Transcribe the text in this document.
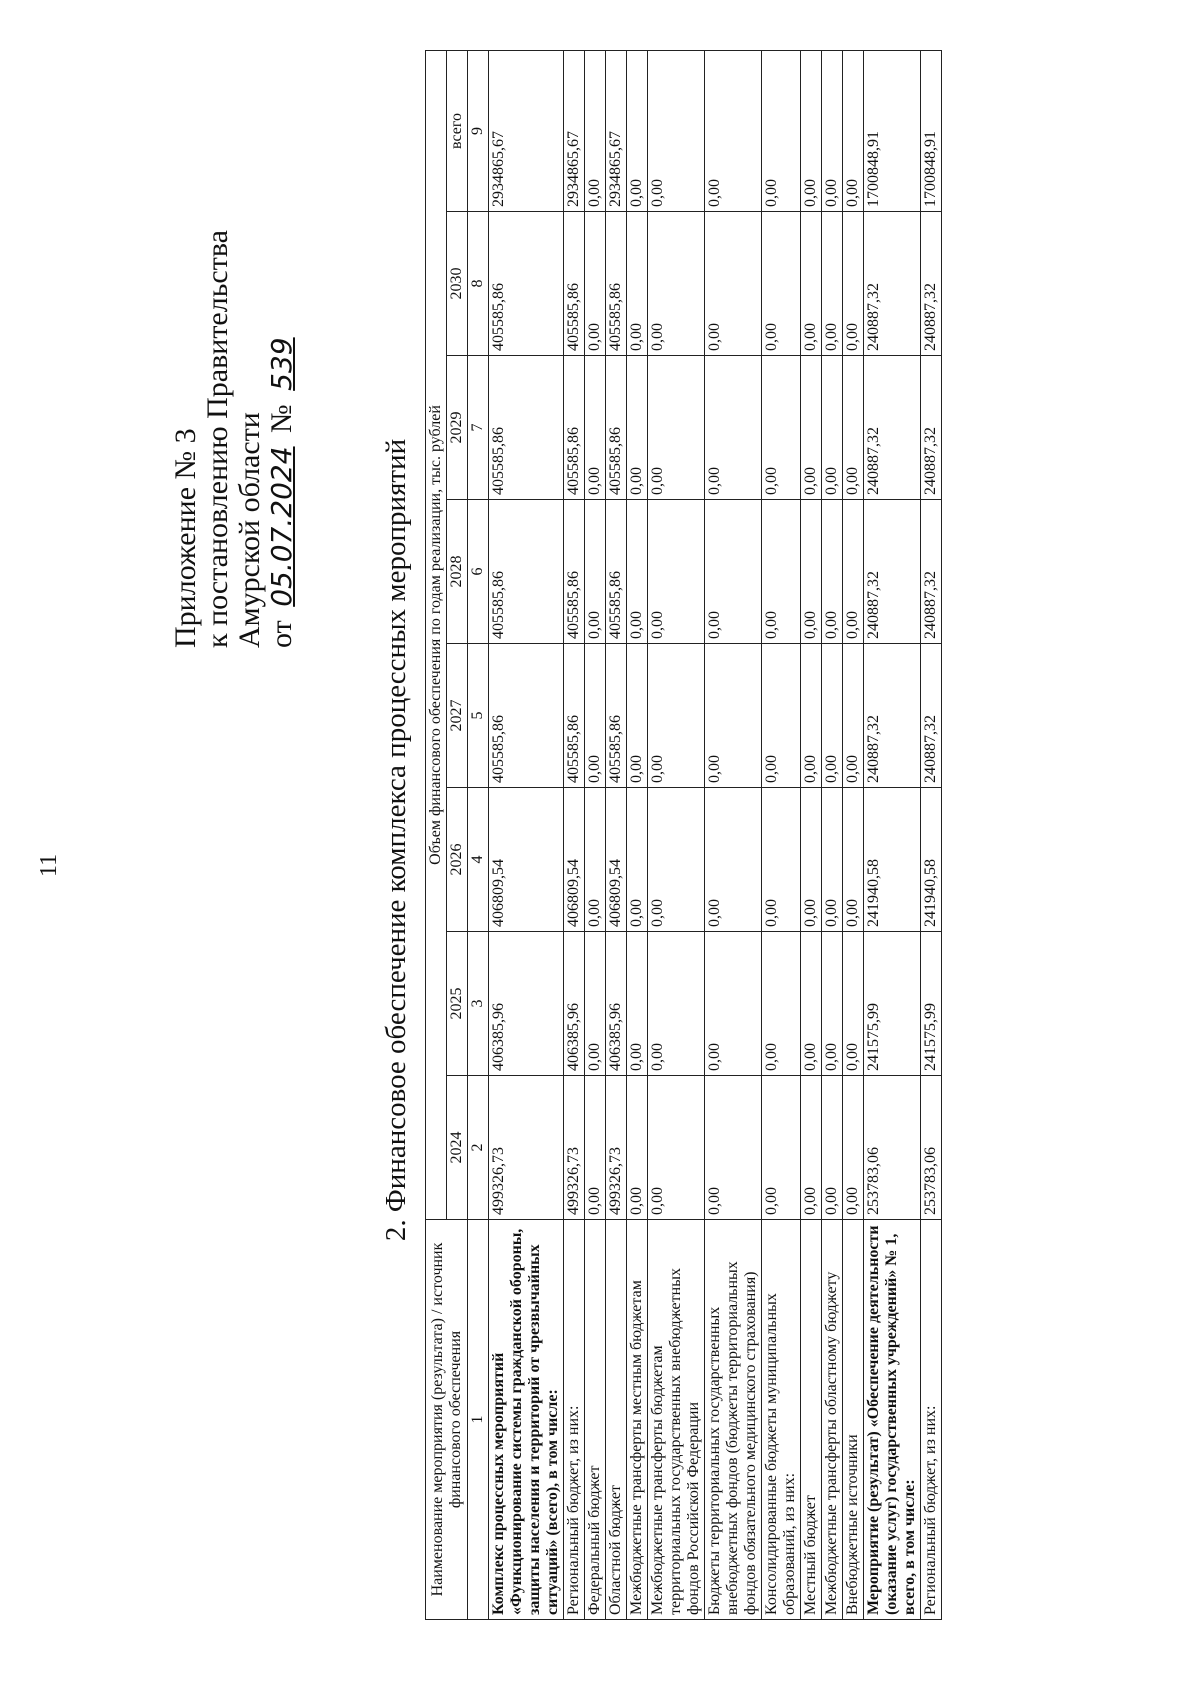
11
Приложение № 3 к постановлению Правительства Амурской области от 05.07.2024 № 539
2. Финансовое обеспечение комплекса процессных мероприятий
Наименование мероприятия (результата) / источник финансового обеспечения	Объем финансового обеспечения по годам реализации, тыс. рублей							
	2024	2025	2026	2027	2028	2029	2030	всего
1	2	3	4	5	6	7	8	9
Комплекс процессных мероприятий «Функционирование системы гражданской обороны, защиты населения и территорий от чрезвычайных ситуаций» (всего), в том числе:	499326,73	406385,96	406809,54	405585,86	405585,86	405585,86	405585,86	2934865,67
Региональный бюджет, из них:	499326,73	406385,96	406809,54	405585,86	405585,86	405585,86	405585,86	2934865,67
Федеральный бюджет	0,00	0,00	0,00	0,00	0,00	0,00	0,00	0,00
Областной бюджет	499326,73	406385,96	406809,54	405585,86	405585,86	405585,86	405585,86	2934865,67
Межбюджетные трансферты местным бюджетам	0,00	0,00	0,00	0,00	0,00	0,00	0,00	0,00
Межбюджетные трансферты бюджетам территориальных государственных внебюджетных фондов Российской Федерации	0,00	0,00	0,00	0,00	0,00	0,00	0,00	0,00
Бюджеты территориальных государственных внебюджетных фондов (бюджеты территориальных фондов обязательного медицинского страхования)	0,00	0,00	0,00	0,00	0,00	0,00	0,00	0,00
Консолидированные бюджеты муниципальных образований, из них:	0,00	0,00	0,00	0,00	0,00	0,00	0,00	0,00
Местный бюджет	0,00	0,00	0,00	0,00	0,00	0,00	0,00	0,00
Межбюджетные трансферты областному бюджету	0,00	0,00	0,00	0,00	0,00	0,00	0,00	0,00
Внебюджетные источники	0,00	0,00	0,00	0,00	0,00	0,00	0,00	0,00
Мероприятие (результат) «Обеспечение деятельности (оказание услуг) государственных учреждений» № 1, всего, в том числе:	253783,06	241575,99	241940,58	240887,32	240887,32	240887,32	240887,32	1700848,91
Региональный бюджет, из них:	253783,06	241575,99	241940,58	240887,32	240887,32	240887,32	240887,32	1700848,91
